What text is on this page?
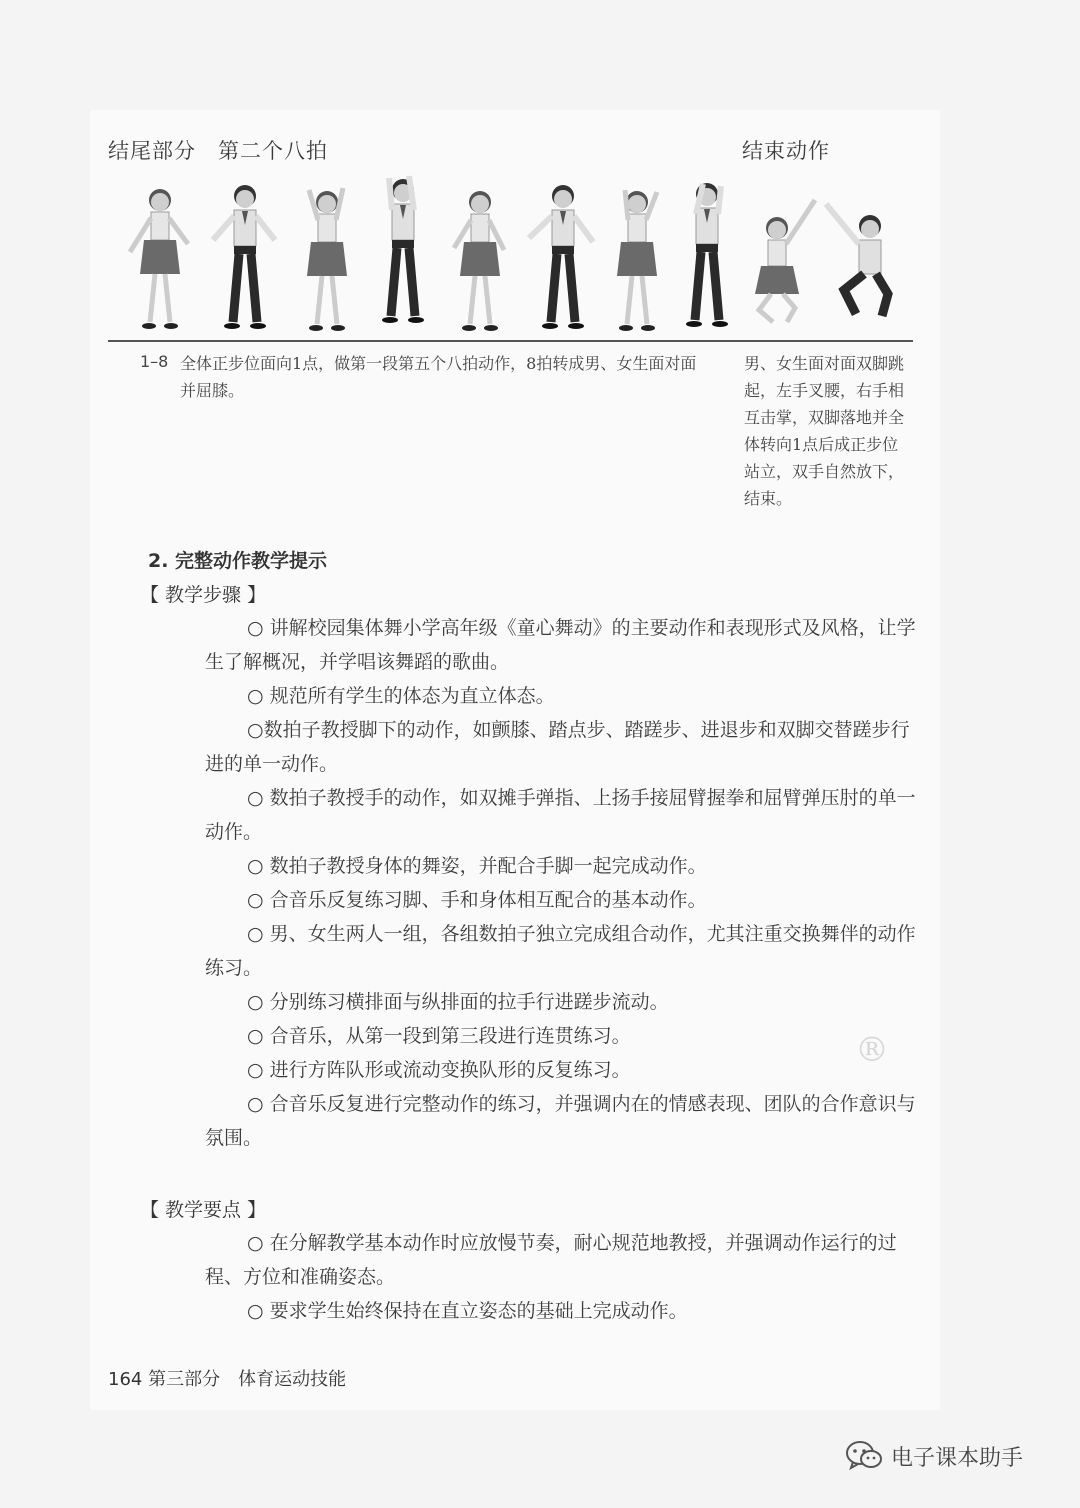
结尾部分　第二个八拍	结束动作
1–8 全体正步位面向1点，做第一段第五个八拍动作，8拍转成男、女生面对面并屈膝。
男、女生面对面双脚跳起，左手叉腰，右手相互击掌，双脚落地并全体转向1点后成正步位站立，双手自然放下，结束。
2. 完整动作教学提示
【 教学步骤 】

○ 讲解校园集体舞小学高年级《童心舞动》的主要动作和表现形式及风格，让学生了解概况，并学唱该舞蹈的歌曲。

○ 规范所有学生的体态为直立体态。

○数拍子教授脚下的动作，如颤膝、踏点步、踏蹉步、进退步和双脚交替蹉步行进的单一动作。

○ 数拍子教授手的动作，如双摊手弹指、上扬手接屈臂握拳和屈臂弹压肘的单一动作。

○ 数拍子教授身体的舞姿，并配合手脚一起完成动作。

○ 合音乐反复练习脚、手和身体相互配合的基本动作。

○ 男、女生两人一组，各组数拍子独立完成组合动作，尤其注重交换舞伴的动作练习。

○ 分别练习横排面与纵排面的拉手行进蹉步流动。

○ 合音乐，从第一段到第三段进行连贯练习。

○ 进行方阵队形或流动变换队形的反复练习。

○ 合音乐反复进行完整动作的练习，并强调内在的情感表现、团队的合作意识与氛围。

【 教学要点 】

○ 在分解教学基本动作时应放慢节奏，耐心规范地教授，并强调动作运行的过程、方位和准确姿态。

○ 要求学生始终保持在直立姿态的基础上完成动作。

®
164 第三部分　体育运动技能
电子课本助手
